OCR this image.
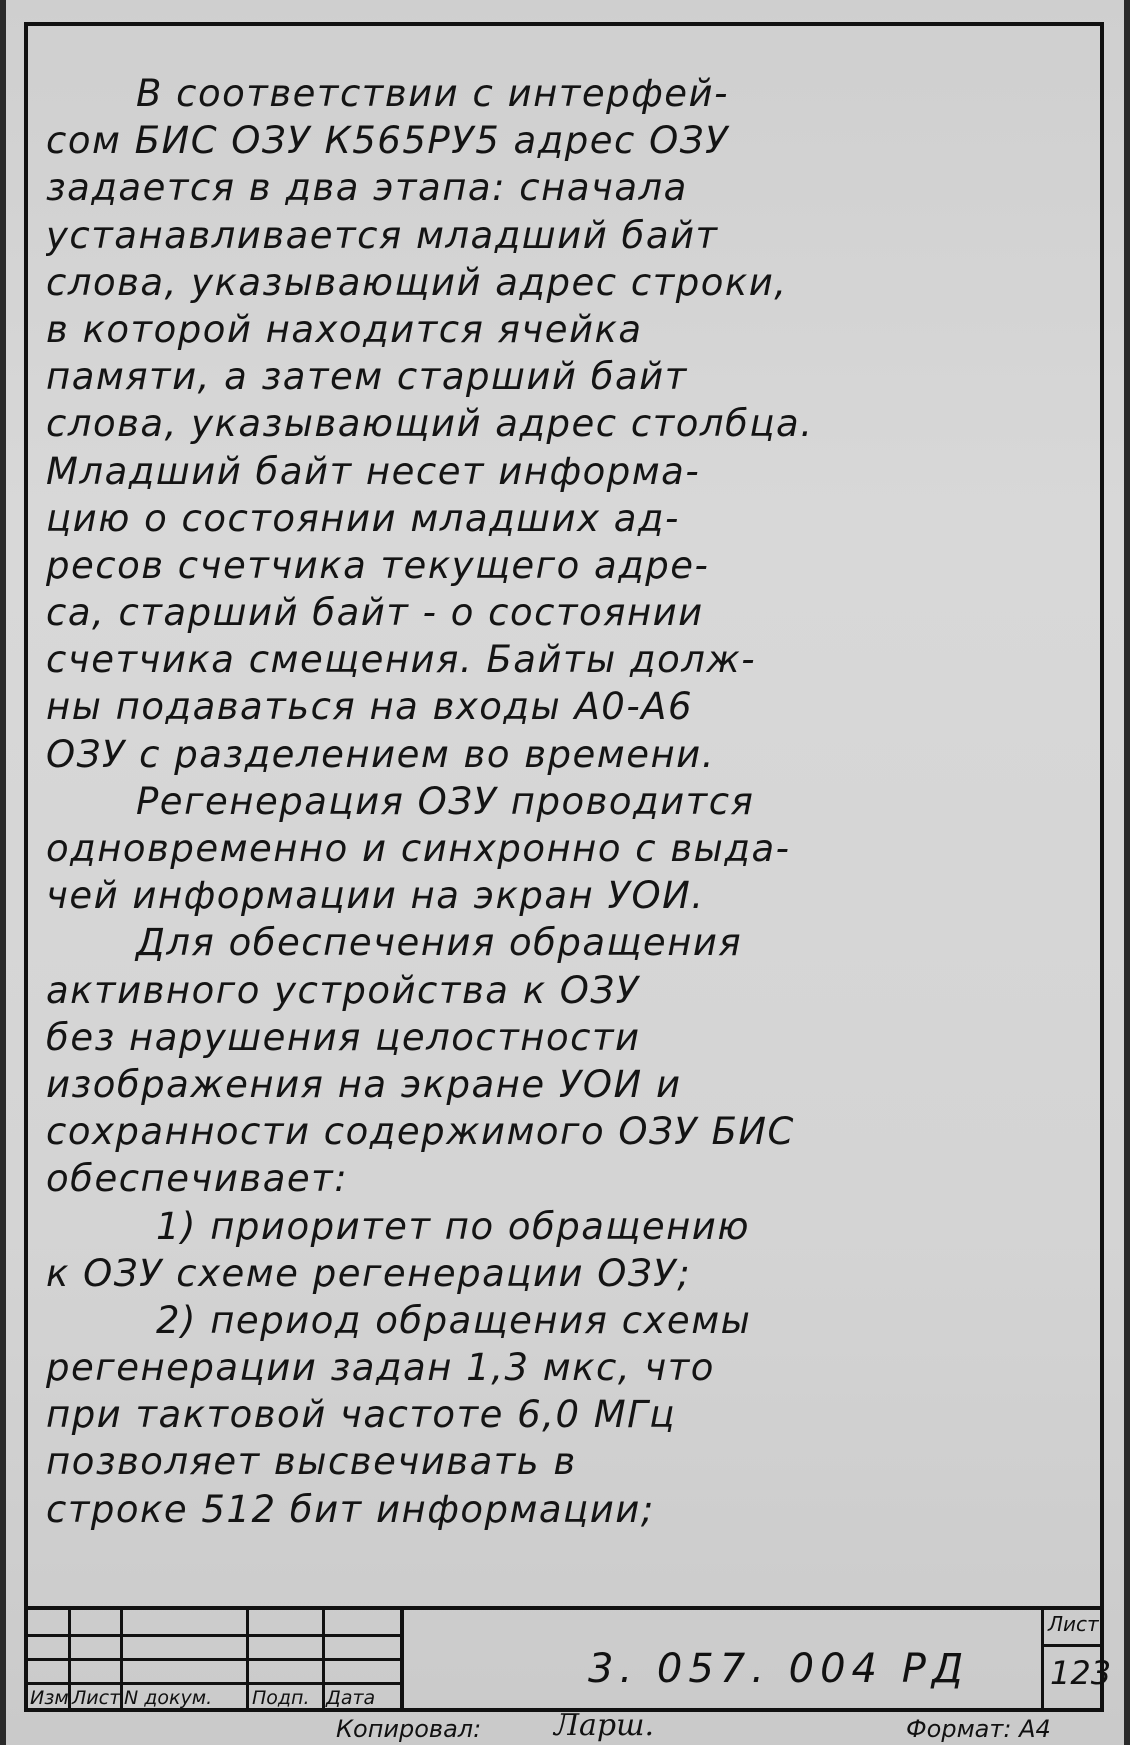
В соответствии с интерфей-
сом БИС ОЗУ К565РУ5 адрес ОЗУ
задается в два этапа: сначала
устанавливается младший байт
слова, указывающий адрес строки,
в которой находится ячейка
памяти, а затем старший байт
слова, указывающий адрес столбца.
Младший байт несет информа-
цию о состоянии младших ад-
ресов счетчика текущего адре-
са, старший байт - о состоянии
счетчика смещения. Байты долж-
ны подаваться на входы А0-А6
ОЗУ с разделением во времени.
Регенерация ОЗУ проводится
одновременно и синхронно с выда-
чей информации на экран УОИ.
Для обеспечения обращения
активного устройства к ОЗУ
без нарушения целостности
изображения на экране УОИ и
сохранности содержимого ОЗУ БИС
обеспечивает:
1) приоритет по обращению
к ОЗУ схеме регенерации ОЗУ;
2) период обращения схемы
регенерации задан 1,3 мкс, что
при тактовой частоте 6,0 МГц
позволяет высвечивать в
строке 512 бит информации;
Изм Лист N докум. Подп. Дата
3. 057. 004 РД
Лист
123
Копировал: Ларш.	Формат: А4
